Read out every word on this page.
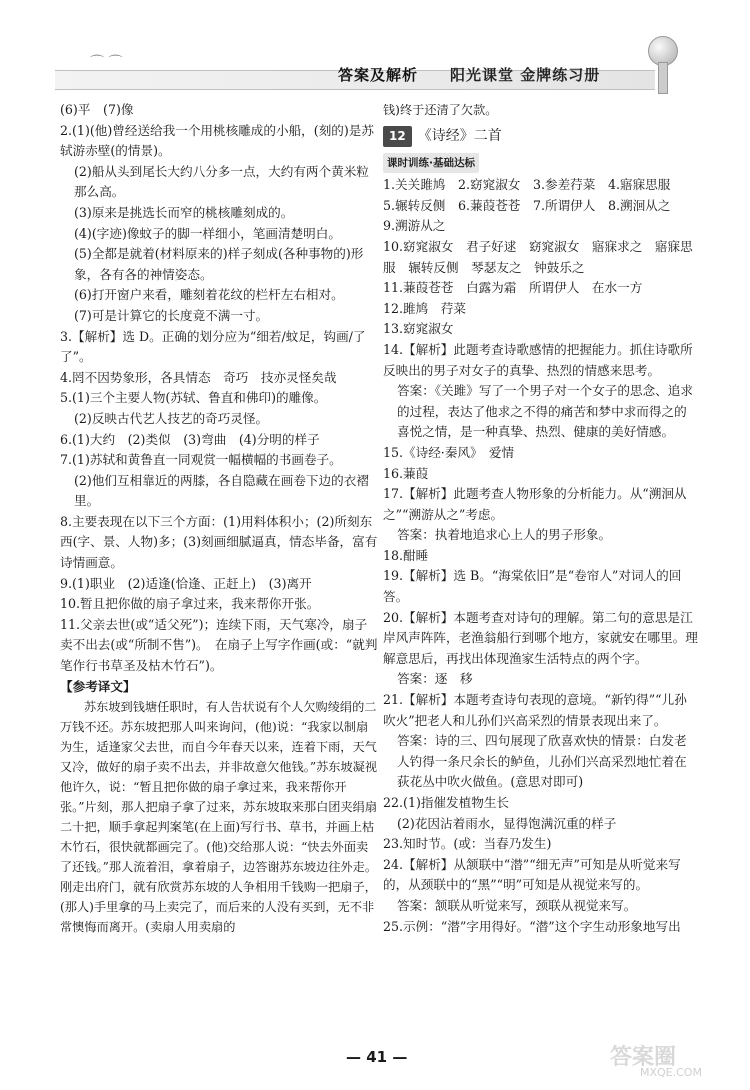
⌒ ⌒
答案及解析 阳光课堂 金牌练习册

(6)平　(7)像

2.(1)(他)曾经送给我一个用桃核雕成的小船，(刻的)是苏轼游赤壁(的情景)。

(2)船从头到尾长大约八分多一点，大约有两个黄米粒那么高。

(3)原来是挑选长而窄的桃核雕刻成的。

(4)(字迹)像蚊子的脚一样细小，笔画清楚明白。

(5)全都是就着(材料原来的)样子刻成(各种事物的)形象，各有各的神情姿态。

(6)打开窗户来看，雕刻着花纹的栏杆左右相对。

(7)可是计算它的长度竟不满一寸。

3.【解析】选 D。正确的划分应为“细若/蚊足，钩画/了了”。

4.罔不因势象形，各具情态　奇巧　技亦灵怪矣哉

5.(1)三个主要人物(苏轼、鲁直和佛印)的雕像。

(2)反映古代艺人技艺的奇巧灵怪。

6.(1)大约　(2)类似　(3)弯曲　(4)分明的样子

7.(1)苏轼和黄鲁直一同观赏一幅横幅的书画卷子。

(2)他们互相靠近的两膝，各自隐藏在画卷下边的衣褶里。

8.主要表现在以下三个方面：(1)用料体积小；(2)所刻东西(字、景、人物)多；(3)刻画细腻逼真，情态毕备，富有诗情画意。

9.(1)职业　(2)适逢(恰逢、正赶上)　(3)离开

10.暂且把你做的扇子拿过来，我来帮你开张。

11.父亲去世(或“适父死”)；连续下雨，天气寒冷，扇子卖不出去(或“所制不售”)。　在扇子上写字作画(或：“就判笔作行书草圣及枯木竹石”)。

【参考译文】

苏东坡到钱塘任职时，有人告状说有个人欠购绫绢的二万钱不还。苏东坡把那人叫来询问，(他)说：“我家以制扇为生，适逢家父去世，而自今年春天以来，连着下雨，天气又冷，做好的扇子卖不出去，并非故意欠他钱。”苏东坡凝视他许久，说：“暂且把你做的扇子拿过来，我来帮你开张。”片刻，那人把扇子拿了过来，苏东坡取来那白团夹绢扇二十把，顺手拿起判案笔(在上面)写行书、草书，并画上枯木竹石，很快就都画完了。(他)交给那人说：“快去外面卖了还钱。”那人流着泪，拿着扇子，边答谢苏东坡边往外走。刚走出府门，就有欣赏苏东坡的人争相用千钱购一把扇子，(那人)手里拿的马上卖完了，而后来的人没有买到，无不非常懊悔而离开。(卖扇人用卖扇的

钱)终于还清了欠款。

12 《诗经》二首
课时训练·基础达标

1.关关雎鸠　2.窈窕淑女　3.参差荇菜　4.寤寐思服

5.辗转反侧　6.蒹葭苍苍　7.所谓伊人　8.溯洄从之

9.溯游从之

10.窈窕淑女　君子好逑　窈窕淑女　寤寐求之　寤寐思服　辗转反侧　琴瑟友之　钟鼓乐之

11.蒹葭苍苍　白露为霜　所谓伊人　在水一方

12.雎鸠　荇菜

13.窈窕淑女

14.【解析】此题考查诗歌感情的把握能力。抓住诗歌所反映出的男子对女子的真挚、热烈的情感来思考。

答案：《关雎》写了一个男子对一个女子的思念、追求的过程，表达了他求之不得的痛苦和梦中求而得之的喜悦之情，是一种真挚、热烈、健康的美好情感。

15.《诗经·秦风》　爱情

16.蒹葭

17.【解析】此题考查人物形象的分析能力。从“溯洄从之”“溯游从之”考虑。

答案：执着地追求心上人的男子形象。

18.酣睡

19.【解析】选 B。“海棠依旧”是“卷帘人”对词人的回答。

20.【解析】本题考查对诗句的理解。第二句的意思是江岸风声阵阵，老渔翁船行到哪个地方，家就安在哪里。理解意思后，再找出体现渔家生活特点的两个字。

答案：逐　移

21.【解析】本题考查诗句表现的意境。“新钓得”“儿孙吹火”把老人和儿孙们兴高采烈的情景表现出来了。

答案：诗的三、四句展现了欣喜欢快的情景：白发老人钓得一条尺余长的鲈鱼，儿孙们兴高采烈地忙着在荻花丛中吹火做鱼。(意思对即可)

22.(1)指催发植物生长

(2)花因沾着雨水，显得饱满沉重的样子

23.知时节。(或：当春乃发生)

24.【解析】从颔联中“潜”“细无声”可知是从听觉来写的，从颈联中的“黑”“明”可知是从视觉来写的。

答案：颔联从听觉来写，颈联从视觉来写。

25.示例：“潜”字用得好。“潜”这个字生动形象地写出

— 41 —	答案圈
MXQE.COM
